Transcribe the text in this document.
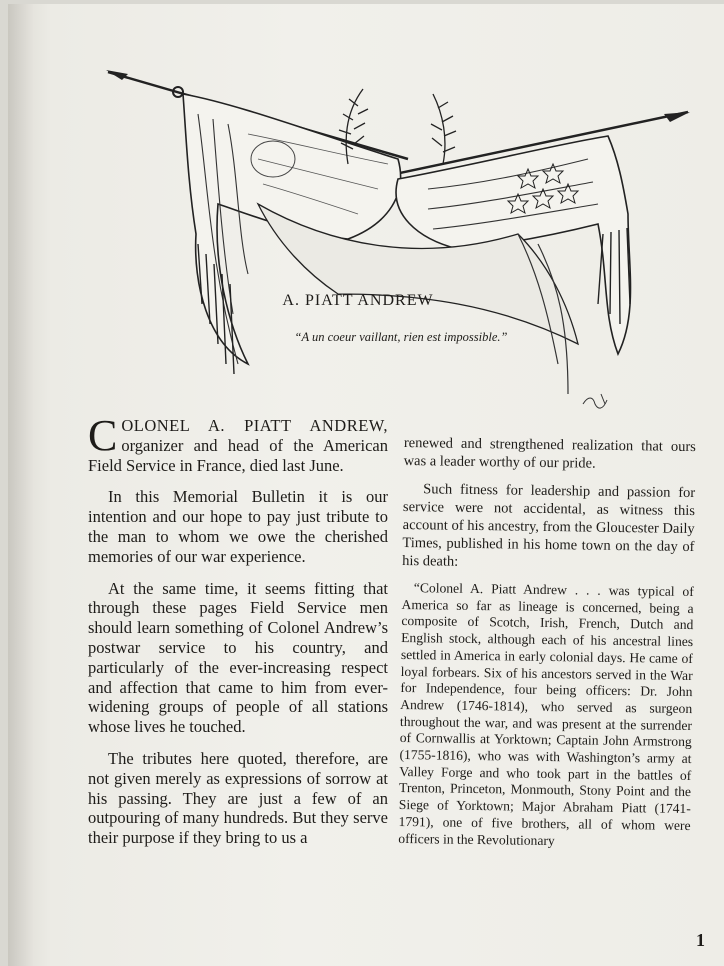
A. PIATT ANDREW
“A un coeur vaillant, rien est impossible.”

COLONEL A. PIATT ANDREW, organizer and head of the American Field Service in France, died last June.

In this Memorial Bulletin it is our intention and our hope to pay just tribute to the man to whom we owe the cherished memories of our war experience.

At the same time, it seems fitting that through these pages Field Service men should learn something of Colonel Andrew’s postwar service to his country, and particularly of the ever-increasing respect and affection that came to him from ever-widening groups of people of all stations whose lives he touched.

The tributes here quoted, therefore, are not given merely as expressions of sorrow at his passing. They are just a few of an outpouring of many hundreds. But they serve their purpose if they bring to us a

renewed and strengthened realization that ours was a leader worthy of our pride.

Such fitness for leadership and passion for service were not accidental, as witness this account of his ancestry, from the Gloucester Daily Times, published in his home town on the day of his death:

“Colonel A. Piatt Andrew . . . was typical of America so far as lineage is concerned, being a composite of Scotch, Irish, French, Dutch and English stock, although each of his ancestral lines settled in America in early colonial days. He came of loyal forbears. Six of his ancestors served in the War for Independence, four being officers: Dr. John Andrew (1746-1814), who served as surgeon throughout the war, and was present at the surrender of Cornwallis at Yorktown; Captain John Armstrong (1755-1816), who was with Washington’s army at Valley Forge and who took part in the battles of Trenton, Princeton, Monmouth, Stony Point and the Siege of Yorktown; Major Abraham Piatt (1741-1791), one of five brothers, all of whom were officers in the Revolutionary

1
